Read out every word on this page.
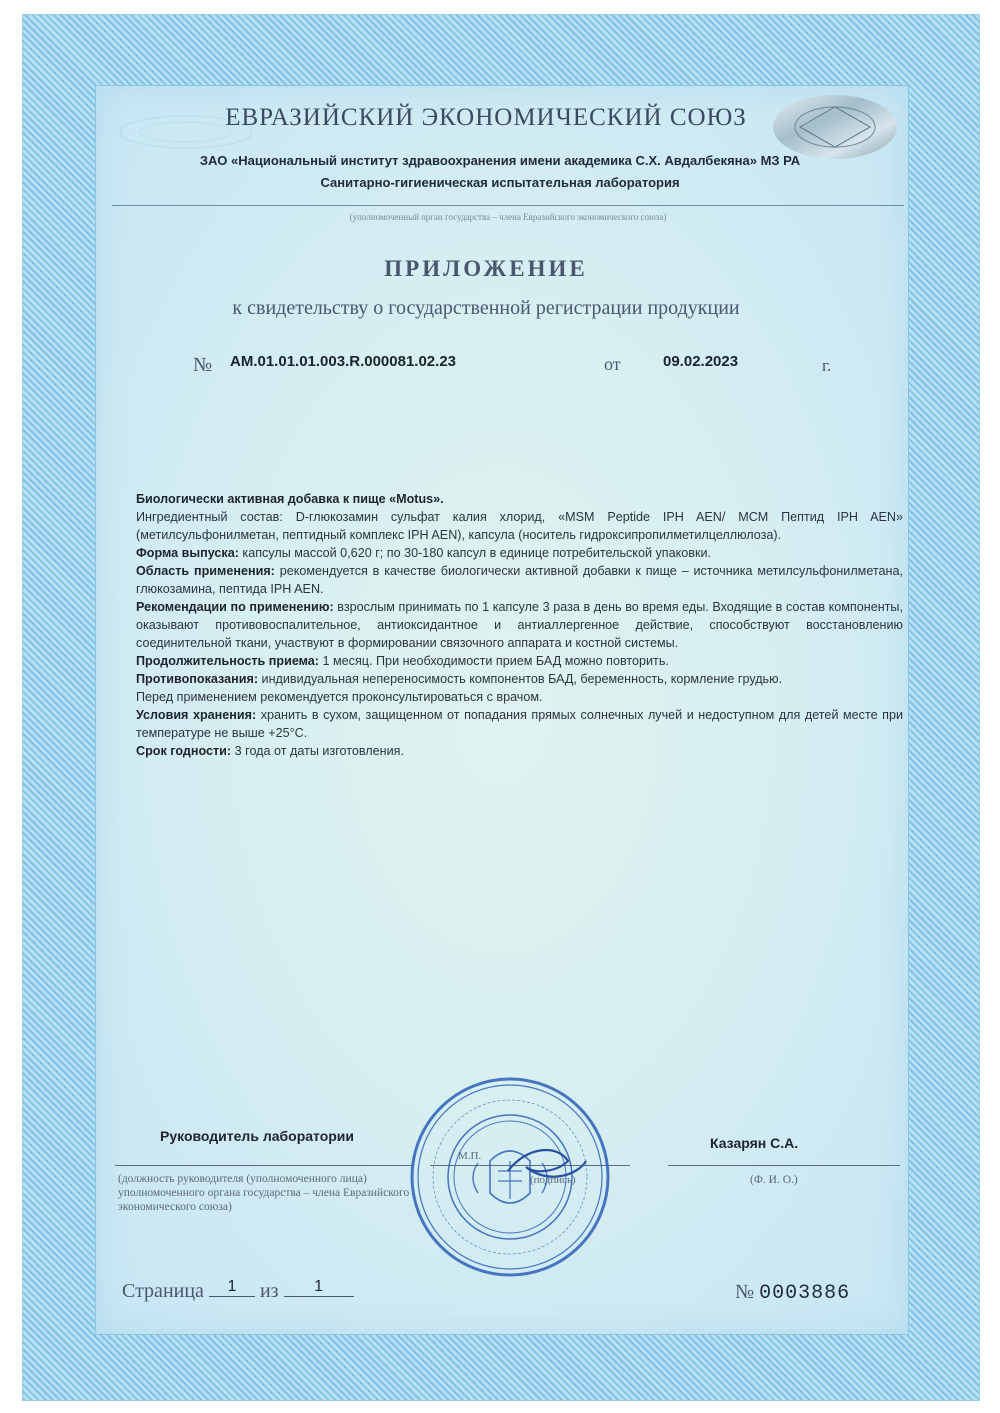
ЕВРАЗИЙСКИЙ ЭКОНОМИЧЕСКИЙ СОЮЗ
ЗАО «Национальный институт здравоохранения имени академика С.Х. Авдалбекяна» МЗ РА
Санитарно-гигиеническая испытательная лаборатория
(уполномоченный орган государства – члена Евразийского экономического союза)
ПРИЛОЖЕНИЕ
к свидетельству о государственной регистрации продукции
№ AM.01.01.01.003.R.000081.02.23	от	09.02.2023	г.

Биологически активная добавка к пище «Motus».

Ингредиентный состав: D-глюкозамин сульфат калия хлорид, «MSM Peptide IPH AEN/ MCM Пептид IPH AEN» (метилсульфонилметан, пептидный комплекс IPH AEN), капсула (носитель гидроксипропилметилцеллюлоза).

Форма выпуска: капсулы массой 0,620 г; по 30-180 капсул в единице потребительской упаковки.

Область применения: рекомендуется в качестве биологически активной добавки к пище – источника метилсульфонилметана, глюкозамина, пептида IPH AEN.

Рекомендации по применению: взрослым принимать по 1 капсуле 3 раза в день во время еды. Входящие в состав компоненты, оказывают противовоспалительное, антиоксидантное и антиаллергенное действие, способствуют восстановлению соединительной ткани, участвуют в формировании связочного аппарата и костной системы.

Продолжительность приема: 1 месяц. При необходимости прием БАД можно повторить.

Противопоказания: индивидуальная непереносимость компонентов БАД, беременность, кормление грудью.

Перед применением рекомендуется проконсультироваться с врачом.

Условия хранения: хранить в сухом, защищенном от попадания прямых солнечных лучей и недоступном для детей месте при температуре не выше +25°С.

Срок годности: 3 года от даты изготовления.

Руководитель лаборатории	Казарян С.А.
(должность руководителя (уполномоченного лица) уполномоченного органа государства – члена Евразийского экономического союза)
М.П.
(подпись)	(Ф. И. О.)
Страница 1 из 1	№ 0003886
